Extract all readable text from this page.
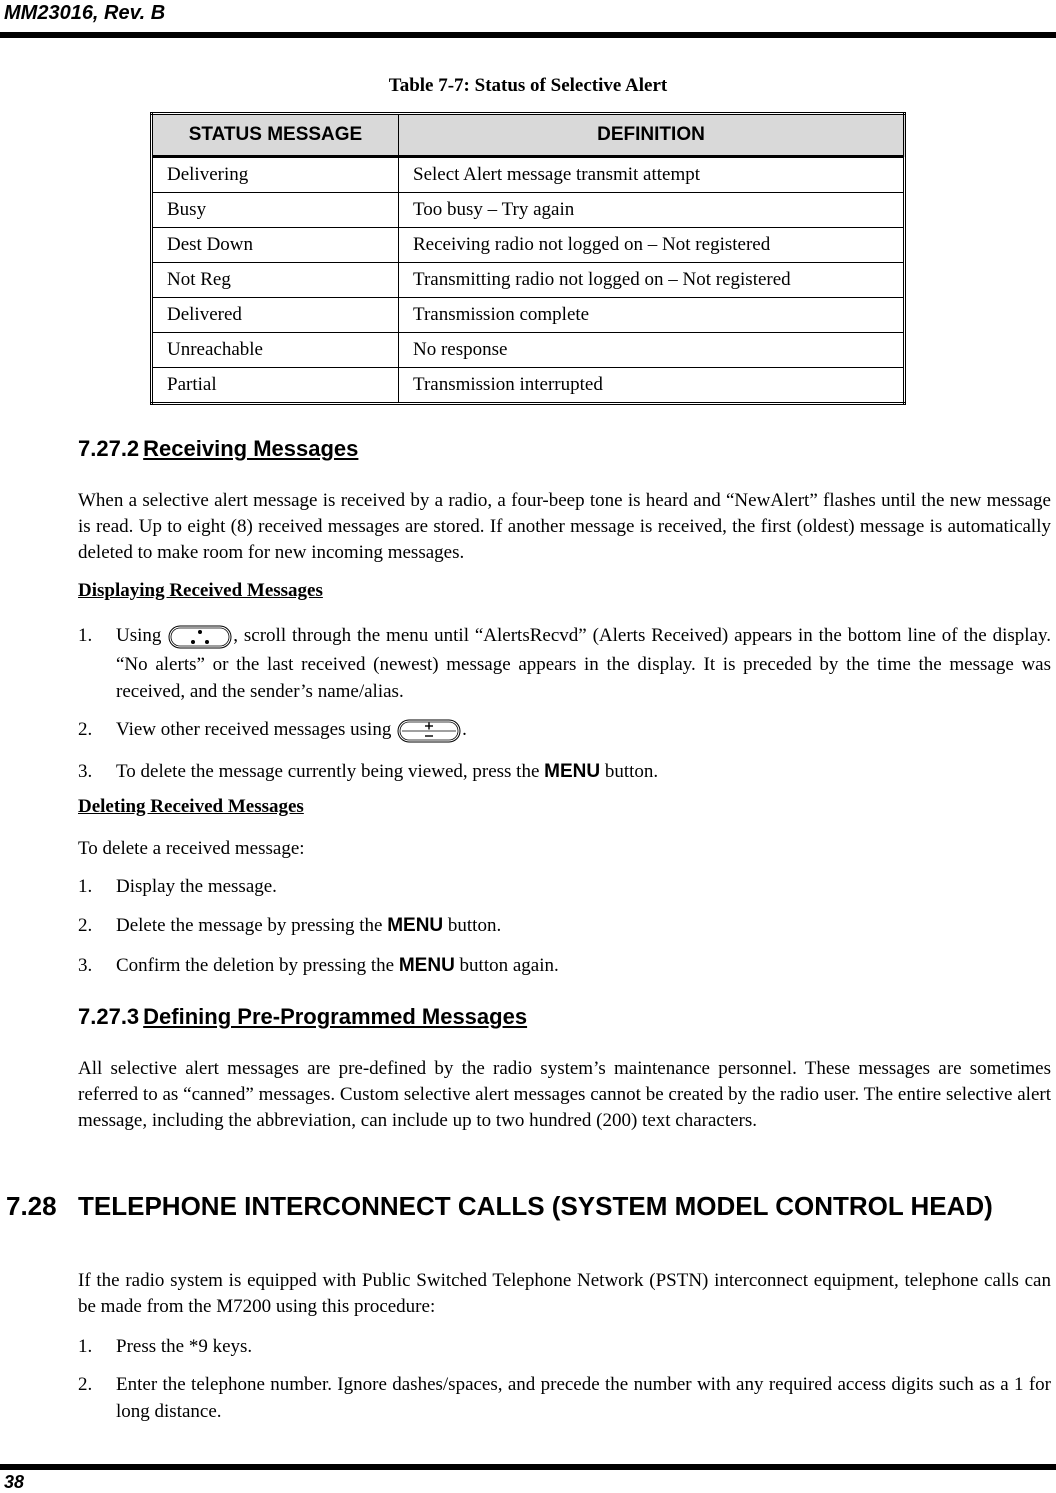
MM23016, Rev. B
Table 7-7: Status of Selective Alert
STATUS MESSAGE	DEFINITION
Delivering	Select Alert message transmit attempt
Busy	Too busy – Try again
Dest Down	Receiving radio not logged on – Not registered
Not Reg	Transmitting radio not logged on – Not registered
Delivered	Transmission complete
Unreachable	No response
Partial	Transmission interrupted
7.27.2 Receiving Messages
When a selective alert message is received by a radio, a four-beep tone is heard and “NewAlert” flashes until the new message is read. Up to eight (8) received messages are stored. If another message is received, the first (oldest) message is automatically deleted to make room for new incoming messages.
Displaying Received Messages
1. Using	, scroll through the menu until “AlertsRecvd” (Alerts Received) appears in the bottom line of the display. “No alerts” or the last received (newest) message appears in the display. It is preceded by the time the message was received, and the sender’s name/alias.
2. View other received messages using	.
3. To delete the message currently being viewed, press the MENU button.
Deleting Received Messages
To delete a received message:
1. Display the message.
2. Delete the message by pressing the MENU button.
3. Confirm the deletion by pressing the MENU button again.
7.27.3 Defining Pre-Programmed Messages
All selective alert messages are pre-defined by the radio system’s maintenance personnel. These messages are sometimes referred to as “canned” messages. Custom selective alert messages cannot be created by the radio user. The entire selective alert message, including the abbreviation, can include up to two hundred (200) text characters.
7.28 TELEPHONE INTERCONNECT CALLS (SYSTEM MODEL CONTROL HEAD)
If the radio system is equipped with Public Switched Telephone Network (PSTN) interconnect equipment, telephone calls can be made from the M7200 using this procedure:
1. Press the *9 keys.
2. Enter the telephone number. Ignore dashes/spaces, and precede the number with any required access digits such as a 1 for long distance.
38
